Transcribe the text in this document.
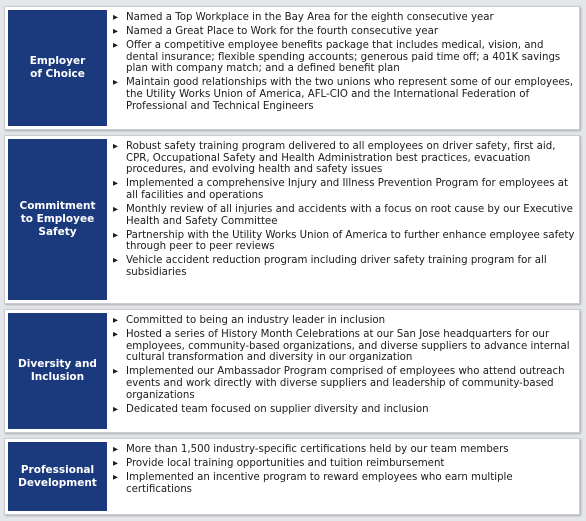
Employer
of Choice
▶ Named a Top Workplace in the Bay Area for the eighth consecutive year
▶ Named a Great Place to Work for the fourth consecutive year
▶ Offer a competitive employee benefits package that includes medical, vision, and dental insurance; flexible spending accounts; generous paid time off; a 401K savings plan with company match; and a defined benefit plan
▶ Maintain good relationships with the two unions who represent some of our employees, the Utility Works Union of America, AFL-CIO and the International Federation of Professional and Technical Engineers
Commitment
to Employee
Safety
▶ Robust safety training program delivered to all employees on driver safety, first aid, CPR, Occupational Safety and Health Administration best practices, evacuation procedures, and evolving health and safety issues
▶ Implemented a comprehensive Injury and Illness Prevention Program for employees at all facilities and operations
▶ Monthly review of all injuries and accidents with a focus on root cause by our Executive Health and Safety Committee
▶ Partnership with the Utility Works Union of America to further enhance employee safety through peer to peer reviews
▶ Vehicle accident reduction program including driver safety training program for all subsidiaries
Diversity and
Inclusion
▶ Committed to being an industry leader in inclusion
▶ Hosted a series of History Month Celebrations at our San Jose headquarters for our employees, community-based organizations, and diverse suppliers to advance internal cultural transformation and diversity in our organization
▶ Implemented our Ambassador Program comprised of employees who attend outreach events and work directly with diverse suppliers and leadership of community-based organizations
▶ Dedicated team focused on supplier diversity and inclusion
Professional
Development
▶ More than 1,500 industry-specific certifications held by our team members
▶ Provide local training opportunities and tuition reimbursement
▶ Implemented an incentive program to reward employees who earn multiple certifications
